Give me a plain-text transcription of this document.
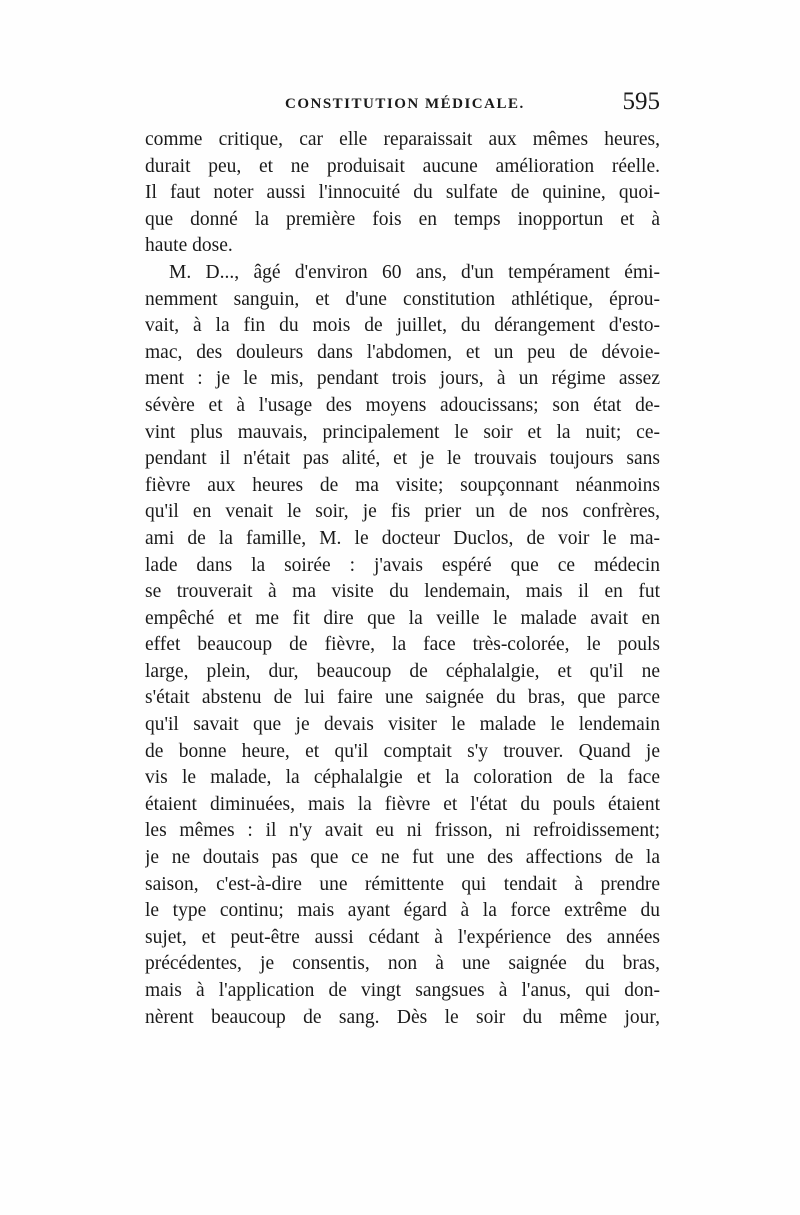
CONSTITUTION MÉDICALE.	595
comme critique, car elle reparaissait aux mêmes heures,
durait peu, et ne produisait aucune amélioration réelle.
Il faut noter aussi l'innocuité du sulfate de quinine, quoi-
que donné la première fois en temps inopportun et à
haute dose.
M. D..., âgé d'environ 60 ans, d'un tempérament émi-
nemment sanguin, et d'une constitution athlétique, éprou-
vait, à la fin du mois de juillet, du dérangement d'esto-
mac, des douleurs dans l'abdomen, et un peu de dévoie-
ment : je le mis, pendant trois jours, à un régime assez
sévère et à l'usage des moyens adoucissans; son état de-
vint plus mauvais, principalement le soir et la nuit; ce-
pendant il n'était pas alité, et je le trouvais toujours sans
fièvre aux heures de ma visite; soupçonnant néanmoins
qu'il en venait le soir, je fis prier un de nos confrères,
ami de la famille, M. le docteur Duclos, de voir le ma-
lade dans la soirée : j'avais espéré que ce médecin
se trouverait à ma visite du lendemain, mais il en fut
empêché et me fit dire que la veille le malade avait en
effet beaucoup de fièvre, la face très-colorée, le pouls
large, plein, dur, beaucoup de céphalalgie, et qu'il ne
s'était abstenu de lui faire une saignée du bras, que parce
qu'il savait que je devais visiter le malade le lendemain
de bonne heure, et qu'il comptait s'y trouver. Quand je
vis le malade, la céphalalgie et la coloration de la face
étaient diminuées, mais la fièvre et l'état du pouls étaient
les mêmes : il n'y avait eu ni frisson, ni refroidissement;
je ne doutais pas que ce ne fut une des affections de la
saison, c'est-à-dire une rémittente qui tendait à prendre
le type continu; mais ayant égard à la force extrême du
sujet, et peut-être aussi cédant à l'expérience des années
précédentes, je consentis, non à une saignée du bras,
mais à l'application de vingt sangsues à l'anus, qui don-
nèrent beaucoup de sang. Dès le soir du même jour,
